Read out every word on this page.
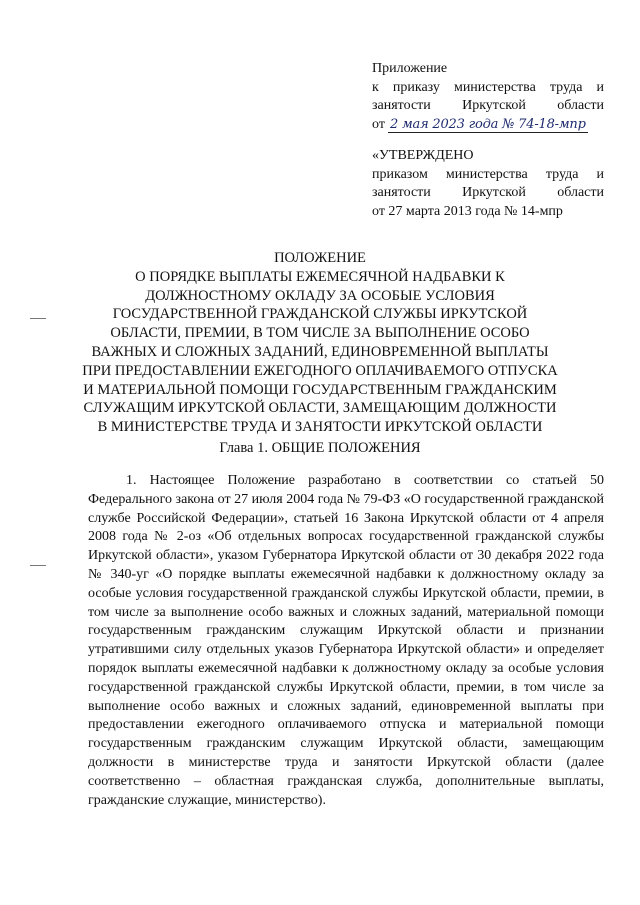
Приложение
к приказу министерства труда и
занятости Иркутской области
от 2 мая 2023 года № 74-18-мпр
«УТВЕРЖДЕНО
приказом министерства труда и
занятости Иркутской области
от 27 марта 2013 года № 14-мпр
ПОЛОЖЕНИЕ
О ПОРЯДКЕ ВЫПЛАТЫ ЕЖЕМЕСЯЧНОЙ НАДБАВКИ К
ДОЛЖНОСТНОМУ ОКЛАДУ ЗА ОСОБЫЕ УСЛОВИЯ
ГОСУДАРСТВЕННОЙ ГРАЖДАНСКОЙ СЛУЖБЫ ИРКУТСКОЙ
ОБЛАСТИ, ПРЕМИИ, В ТОМ ЧИСЛЕ ЗА ВЫПОЛНЕНИЕ ОСОБО
ВАЖНЫХ И СЛОЖНЫХ ЗАДАНИЙ, ЕДИНОВРЕМЕННОЙ ВЫПЛАТЫ
ПРИ ПРЕДОСТАВЛЕНИИ ЕЖЕГОДНОГО ОПЛАЧИВАЕМОГО ОТПУСКА
И МАТЕРИАЛЬНОЙ ПОМОЩИ ГОСУДАРСТВЕННЫМ ГРАЖДАНСКИМ
СЛУЖАЩИМ ИРКУТСКОЙ ОБЛАСТИ, ЗАМЕЩАЮЩИМ ДОЛЖНОСТИ
В МИНИСТЕРСТВЕ ТРУДА И ЗАНЯТОСТИ ИРКУТСКОЙ ОБЛАСТИ
Глава 1. ОБЩИЕ ПОЛОЖЕНИЯ
1. Настоящее Положение разработано в соответствии со статьей 50 Федерального закона от 27 июля 2004 года № 79-ФЗ «О государственной гражданской службе Российской Федерации», статьей 16 Закона Иркутской области от 4 апреля 2008 года № 2-оз «Об отдельных вопросах государственной гражданской службы Иркутской области», указом Губернатора Иркутской области от 30 декабря 2022 года № 340-уг «О порядке выплаты ежемесячной надбавки к должностному окладу за особые условия государственной гражданской службы Иркутской области, премии, в том числе за выполнение особо важных и сложных заданий, материальной помощи государственным гражданским служащим Иркутской области и признании утратившими силу отдельных указов Губернатора Иркутской области» и определяет порядок выплаты ежемесячной надбавки к должностному окладу за особые условия государственной гражданской службы Иркутской области, премии, в том числе за выполнение особо важных и сложных заданий, единовременной выплаты при предоставлении ежегодного оплачиваемого отпуска и материальной помощи государственным гражданским служащим Иркутской области, замещающим должности в министерстве труда и занятости Иркутской области (далее соответственно – областная гражданская служба, дополнительные выплаты, гражданские служащие, министерство).
